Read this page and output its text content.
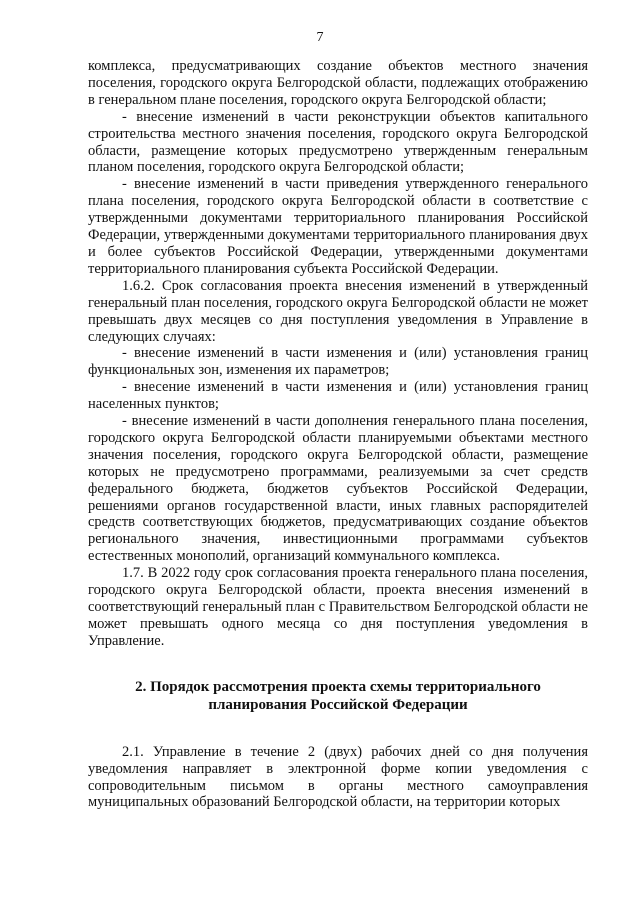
7

комплекса, предусматривающих создание объектов местного значения поселения, городского округа Белгородской области, подлежащих отображению в генеральном плане поселения, городского округа Белгородской области;

- внесение изменений в части реконструкции объектов капитального строительства местного значения поселения, городского округа Белгородской области, размещение которых предусмотрено утвержденным генеральным планом поселения, городского округа Белгородской области;

- внесение изменений в части приведения утвержденного генерального плана поселения, городского округа Белгородской области в соответствие с утвержденными документами территориального планирования Российской Федерации, утвержденными документами территориального планирования двух и более субъектов Российской Федерации, утвержденными документами территориального планирования субъекта Российской Федерации.

1.6.2. Срок согласования проекта внесения изменений в утвержденный генеральный план поселения, городского округа Белгородской области не может превышать двух месяцев со дня поступления уведомления в Управление в следующих случаях:

- внесение изменений в части изменения и (или) установления границ функциональных зон, изменения их параметров;

- внесение изменений в части изменения и (или) установления границ населенных пунктов;

- внесение изменений в части дополнения генерального плана поселения, городского округа Белгородской области планируемыми объектами местного значения поселения, городского округа Белгородской области, размещение которых не предусмотрено программами, реализуемыми за счет средств федерального бюджета, бюджетов субъектов Российской Федерации, решениями органов государственной власти, иных главных распорядителей средств соответствующих бюджетов, предусматривающих создание объектов регионального значения, инвестиционными программами субъектов естественных монополий, организаций коммунального комплекса.

1.7. В 2022 году срок согласования проекта генерального плана поселения, городского округа Белгородской области, проекта внесения изменений в соответствующий генеральный план с Правительством Белгородской области не может превышать одного месяца со дня поступления уведомления в Управление.

2. Порядок рассмотрения проекта схемы территориального планирования Российской Федерации

2.1. Управление в течение 2 (двух) рабочих дней со дня получения уведомления направляет в электронной форме копии уведомления с сопроводительным письмом в органы местного самоуправления муниципальных образований Белгородской области, на территории которых
